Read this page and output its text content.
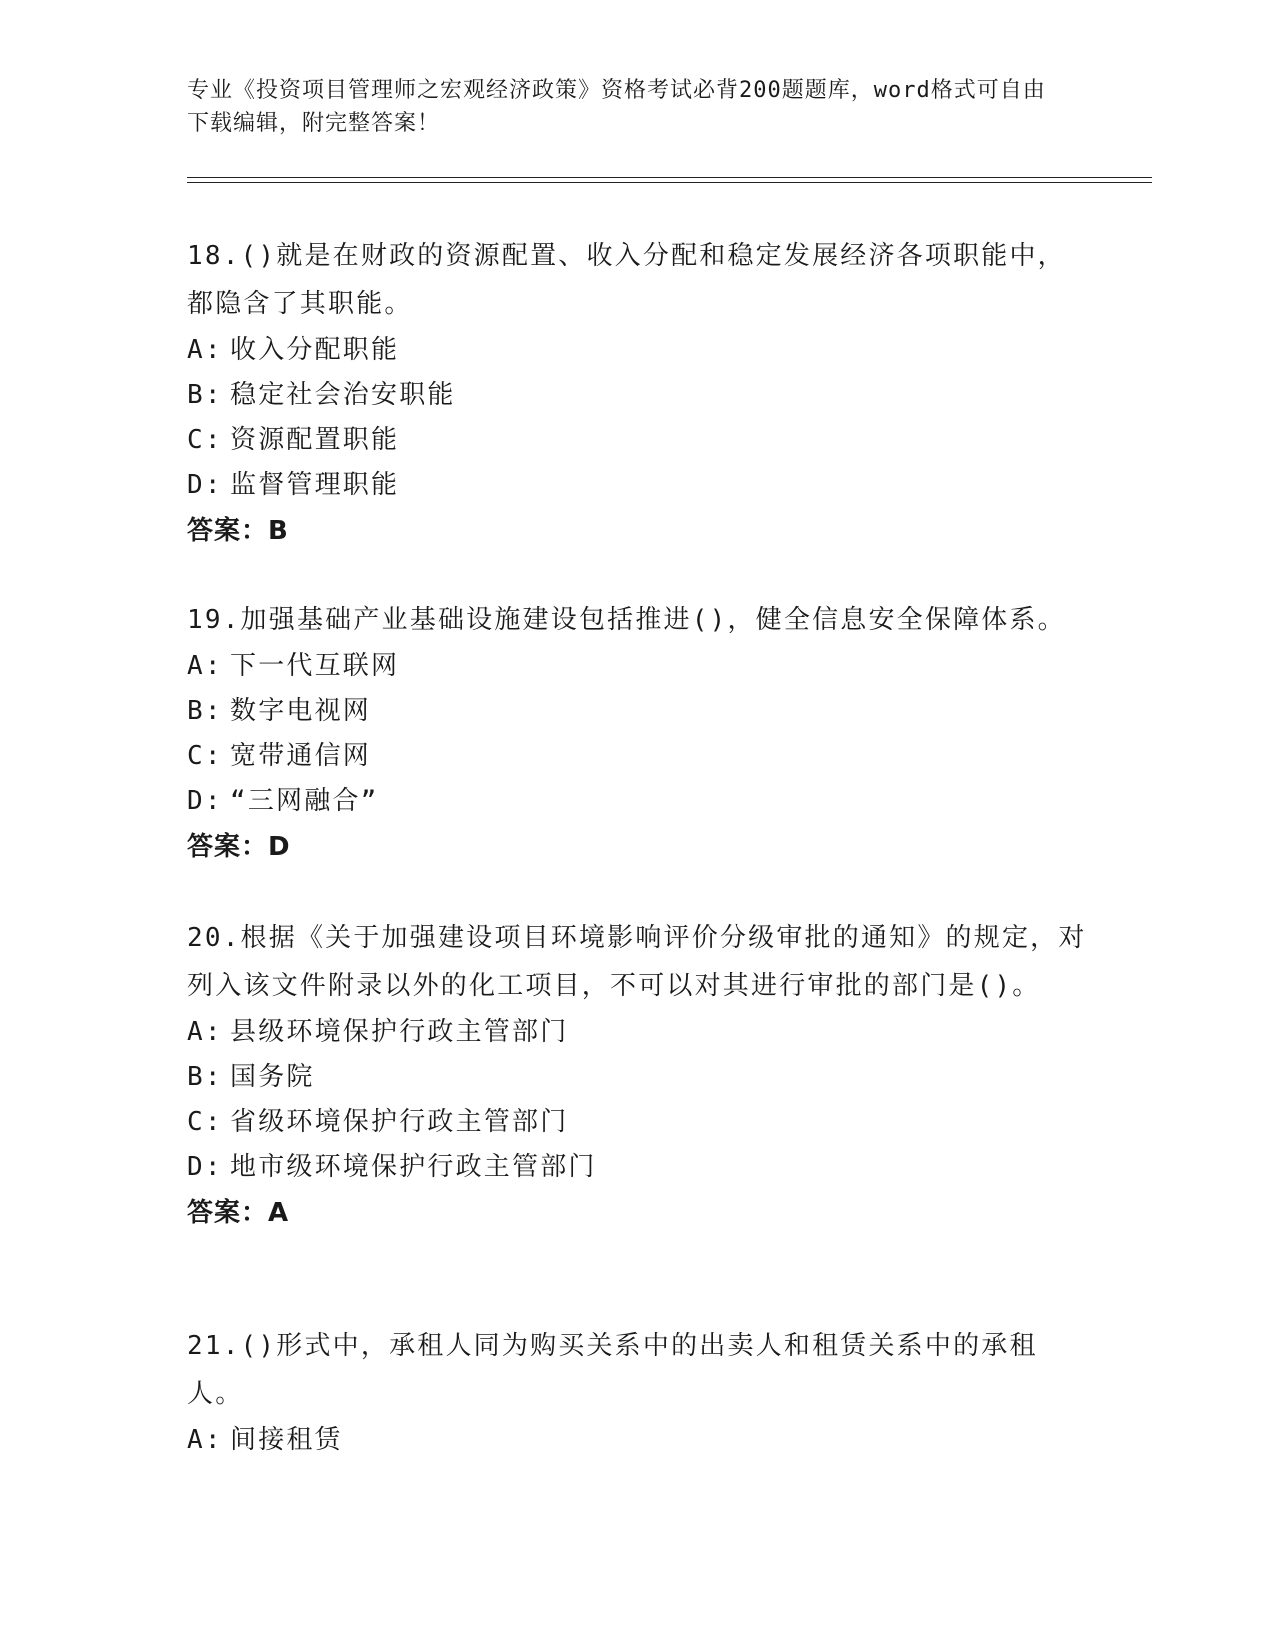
专业《投资项目管理师之宏观经济政策》资格考试必背200题题库，word格式可自由下载编辑，附完整答案！
18.()就是在财政的资源配置、收入分配和稳定发展经济各项职能中，都隐含了其职能。
A: 收入分配职能
B: 稳定社会治安职能
C: 资源配置职能
D: 监督管理职能
答案：B
19.加强基础产业基础设施建设包括推进()，健全信息安全保障体系。
A: 下一代互联网
B: 数字电视网
C: 宽带通信网
D: “三网融合”
答案：D
20.根据《关于加强建设项目环境影响评价分级审批的通知》的规定，对列入该文件附录以外的化工项目，不可以对其进行审批的部门是()。
A: 县级环境保护行政主管部门
B: 国务院
C: 省级环境保护行政主管部门
D: 地市级环境保护行政主管部门
答案：A
21.()形式中，承租人同为购买关系中的出卖人和租赁关系中的承租人。
A: 间接租赁
